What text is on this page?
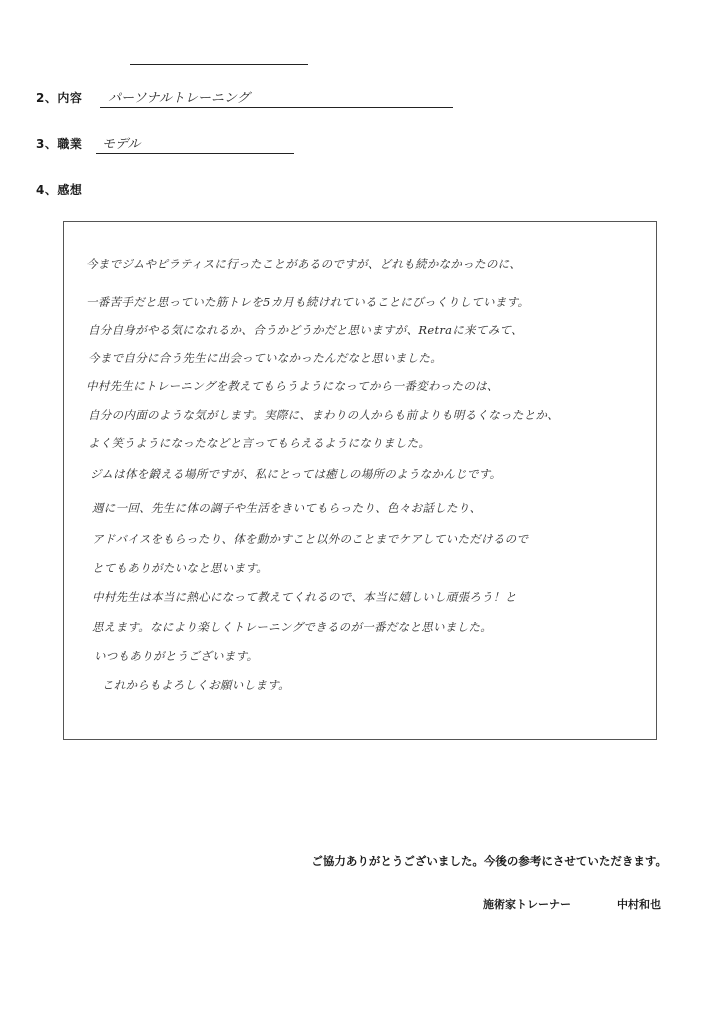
2、内容 パーソナルトレーニング
3、職業 モデル
4、感想
今までジムやピラティスに行ったことがあるのですが、どれも続かなかったのに、
一番苦手だと思っていた筋トレを5カ月も続けれていることにびっくりしています。
自分自身がやる気になれるか、合うかどうかだと思いますが、Retraに来てみて、
今まで自分に合う先生に出会っていなかったんだなと思いました。
中村先生にトレーニングを教えてもらうようになってから一番変わったのは、
自分の内面のような気がします。実際に、まわりの人からも前よりも明るくなったとか、
よく笑うようになったなどと言ってもらえるようになりました。
ジムは体を鍛える場所ですが、私にとっては癒しの場所のようなかんじです。
週に一回、先生に体の調子や生活をきいてもらったり、色々お話したり、
アドバイスをもらったり、体を動かすこと以外のことまでケアしていただけるので
とてもありがたいなと思います。
中村先生は本当に熱心になって教えてくれるので、本当に嬉しいし頑張ろう！と
思えます。なにより楽しくトレーニングできるのが一番だなと思いました。
いつもありがとうございます。
これからもよろしくお願いします。
ご協力ありがとうございました。今後の参考にさせていただきます。
施術家トレーナー	中村和也
